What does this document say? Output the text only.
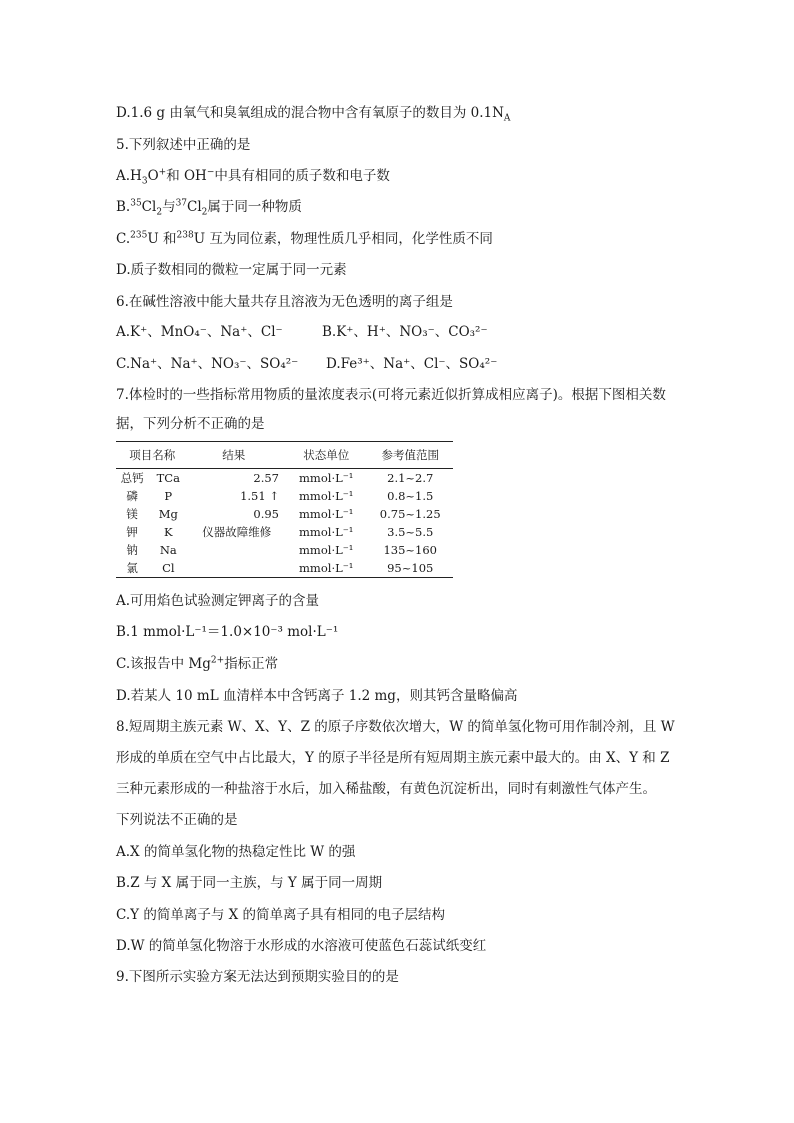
D.1.6 g 由氧气和臭氧组成的混合物中含有氧原子的数目为 $0.1N_A$
5.下列叙述中正确的是
$A.H_3O^+$和 OH−中具有相同的质子数和电子数
$B.^{35}Cl_2$与$^{37}Cl_2$属于同一种物质
C.$^{235}$U 和$^{238}$U 互为同位素，物理性质几乎相同，化学性质不同
D.质子数相同的微粒一定属于同一元素
6.在碱性溶液中能大量共存且溶液为无色透明的离子组是
A.K⁺、MnO₄⁻、Na⁺、Cl⁻	B.K⁺、H⁺、NO₃⁻、CO₃²⁻
C.Na⁺、Na⁺、NO₃⁻、SO₄²⁻ D.Fe³⁺、Na⁺、Cl⁻、SO₄²⁻
7.体检时的一些指标常用物质的量浓度表示(可将元素近似折算成相应离子)。根据下图相关数
据，下列分析不正确的是
项目名称		结果	状态单位	参考值范围
总钙	TCa	2.57	mmol·L⁻¹	2.1~2.7
磷	P	1.51 ↑	mmol·L⁻¹	0.8~1.5
镁	Mg	0.95	mmol·L⁻¹	0.75~1.25
钾	K	仪器故障维修	mmol·L⁻¹	3.5~5.5
钠	Na		mmol·L⁻¹	135~160
氯	Cl		mmol·L⁻¹	95~105
A.可用焰色试验测定钾离子的含量
B.1 mmol·L⁻¹＝1.0×10⁻³ mol·L⁻¹
C.该报告中 $Mg^{2+}$指标正常
D.若某人 10 mL 血清样本中含钙离子 1.2 mg，则其钙含量略偏高
8.短周期主族元素 W、X、Y、Z 的原子序数依次增大，W 的简单氢化物可用作制冷剂，且 W
形成的单质在空气中占比最大，Y 的原子半径是所有短周期主族元素中最大的。由 X、Y 和 Z
三种元素形成的一种盐溶于水后，加入稀盐酸，有黄色沉淀析出，同时有刺激性气体产生。
下列说法不正确的是
A.X 的简单氢化物的热稳定性比 W 的强
B.Z 与 X 属于同一主族，与 Y 属于同一周期
C.Y 的简单离子与 X 的简单离子具有相同的电子层结构
D.W 的简单氢化物溶于水形成的水溶液可使蓝色石蕊试纸变红
9.下图所示实验方案无法达到预期实验目的的是
